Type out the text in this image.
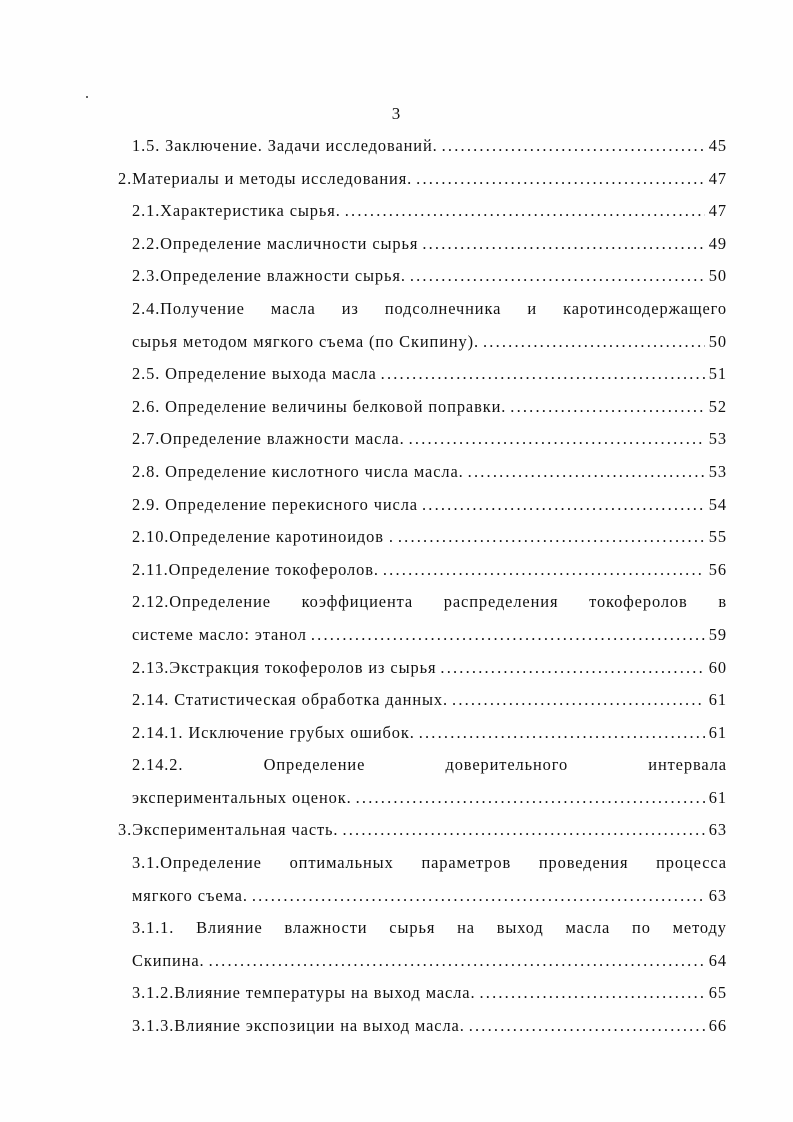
3
1.5. Заключение. Задачи исследований. .....	45
2.Материалы и методы исследования. .....	47
2.1.Характеристика сырья. .....	47
2.2.Определение масличности сырья .....	49
2.3.Определение влажности сырья. .....	50
2.4.Получение масла из подсолнечника и каротинсодержащего
сырья методом мягкого съема (по Скипину). .....	50
2.5. Определение выхода масла .....	51
2.6. Определение величины белковой поправки. .....	52
2.7.Определение влажности масла. .....	53
2.8. Определение кислотного числа масла. .....	53
2.9. Определение перекисного числа .....	54
2.10.Определение каротиноидов . .....	55
2.11.Определение токоферолов. .....	56
2.12.Определение коэффициента распределения токоферолов в
системе масло: этанол .....	59
2.13.Экстракция токоферолов из сырья .....	60
2.14. Статистическая обработка данных. .....	61
2.14.1. Исключение грубых ошибок. .....	61
2.14.2.	Определение	доверительного	интервала
экспериментальных оценок. .....	61
3.Экспериментальная часть. .....	63
3.1.Определение оптимальных параметров проведения процесса
мягкого съема. .....	63
3.1.1. Влияние влажности сырья на выход масла по методу
Скипина. .....	64
3.1.2.Влияние температуры на выход масла. .....	65
3.1.3.Влияние экспозиции на выход масла. .....	66
